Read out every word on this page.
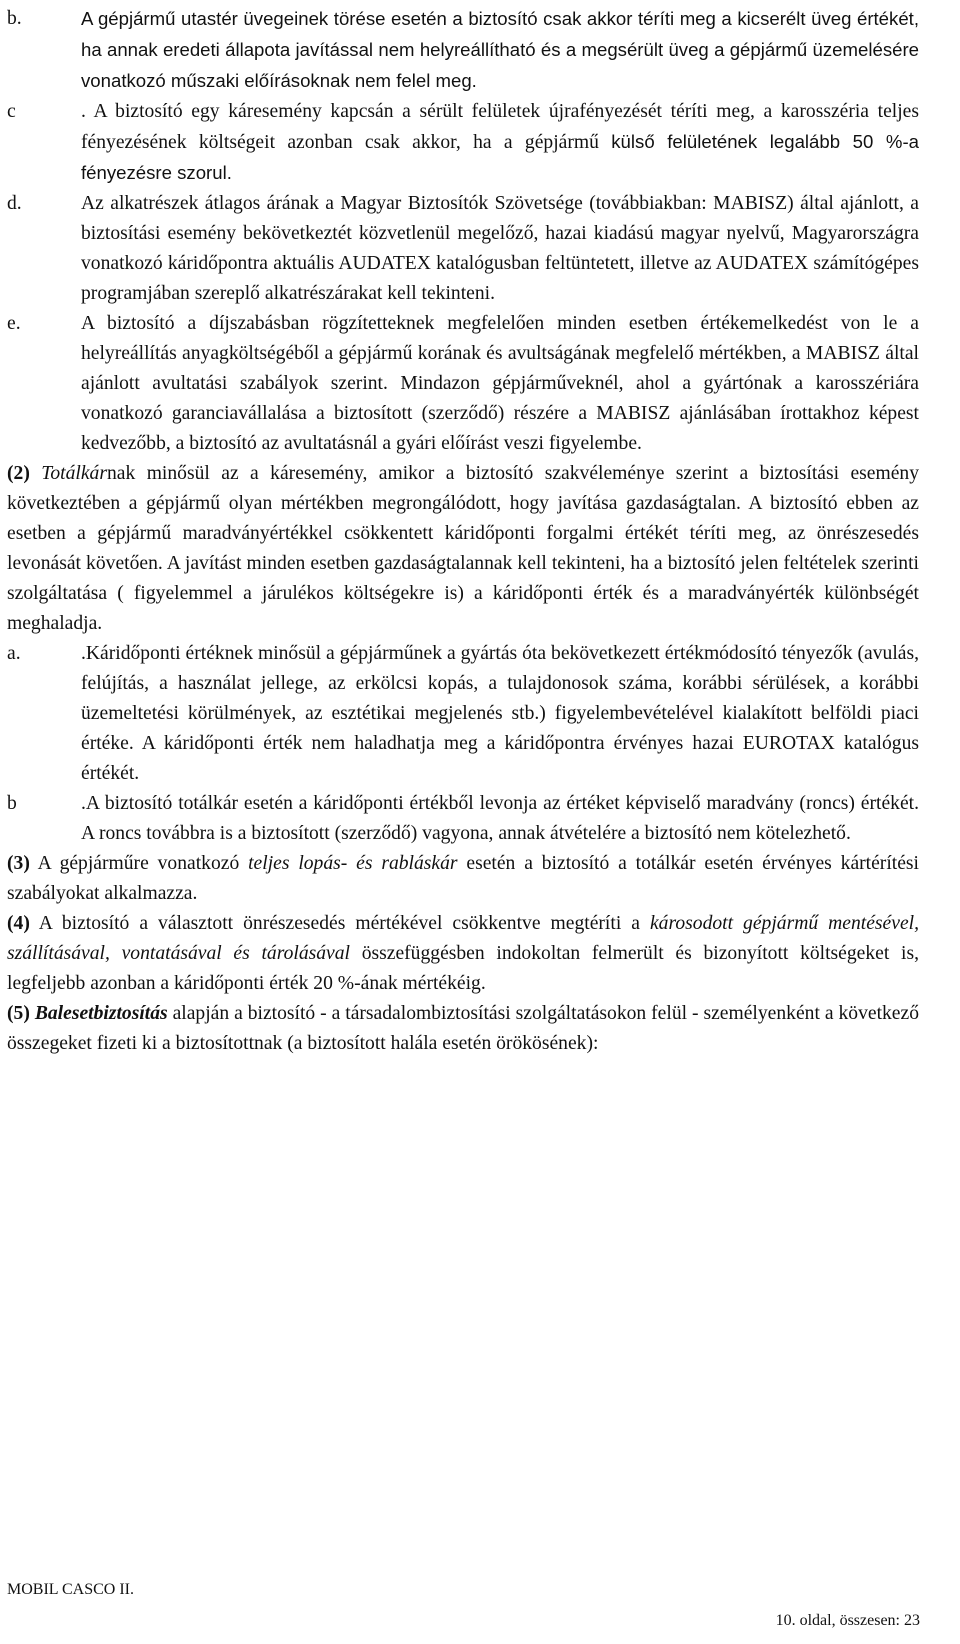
b.	A gépjármű utastér üvegeinek törése esetén a biztosító csak akkor téríti meg a kicserélt üveg értékét, ha annak eredeti állapota javítással nem helyreállítható és a megsérült üveg a gépjármű üzemelésére vonatkozó műszaki előírásoknak nem felel meg.

c	. A biztosító egy káresemény kapcsán a sérült felületek újrafényezését téríti meg, a karosszéria teljes fényezésének költségeit azonban csak akkor, ha a gépjármű külső felületének legalább 50 %-a fényezésre szorul.

d.	Az alkatrészek átlagos árának a Magyar Biztosítók Szövetsége (továbbiakban: MABISZ) által ajánlott, a biztosítási esemény bekövetkeztét közvetlenül megelőző, hazai kiadású magyar nyelvű, Magyarországra vonatkozó káridőpontra aktuális AUDATEX katalógusban feltüntetett, illetve az AUDATEX számítógépes programjában szereplő alkatrészárakat kell tekinteni.

e.	A biztosító a díjszabásban rögzítetteknek megfelelően minden esetben értékemelkedést von le a helyreállítás anyagköltségéből a gépjármű korának és avultságának megfelelő mértékben, a MABISZ által ajánlott avultatási szabályok szerint. Mindazon gépjárműveknél, ahol a gyártónak a karosszériára vonatkozó garanciavállalása a biztosított (szerződő) részére a MABISZ ajánlásában írottakhoz képest kedvezőbb, a biztosító az avultatásnál a gyári előírást veszi figyelembe.

(2) Totálkárnak minősül az a káresemény, amikor a biztosító szakvéleménye szerint a biztosítási esemény következtében a gépjármű olyan mértékben megrongálódott, hogy javítása gazdaságtalan. A biztosító ebben az esetben a gépjármű maradványértékkel csökkentett káridőponti forgalmi értékét téríti meg, az önrészesedés levonását követően. A javítást minden esetben gazdaságtalannak kell tekinteni, ha a biztosító jelen feltételek szerinti szolgáltatása ( figyelemmel a járulékos költségekre is) a káridőponti érték és a maradványérték különbségét meghaladja.

a.	.Káridőponti értéknek minősül a gépjárműnek a gyártás óta bekövetkezett értékmódosító tényezők (avulás, felújítás, a használat jellege, az erkölcsi kopás, a tulajdonosok száma, korábbi sérülések, a korábbi üzemeltetési körülmények, az esztétikai megjelenés stb.) figyelembevételével kialakított belföldi piaci értéke. A káridőponti érték nem haladhatja meg a káridőpontra érvényes hazai EUROTAX katalógus értékét.

b	.A biztosító totálkár esetén a káridőponti értékből levonja az értéket képviselő maradvány (roncs) értékét. A roncs továbbra is a biztosított (szerződő) vagyona, annak átvételére a biztosító nem kötelezhető.

(3) A gépjárműre vonatkozó teljes lopás- és rabláskár esetén a biztosító a totálkár esetén érvényes kártérítési szabályokat alkalmazza.

(4) A biztosító a választott önrészesedés mértékével csökkentve megtéríti a károsodott gépjármű mentésével, szállításával, vontatásával és tárolásával összefüggésben indokoltan felmerült és bizonyított költségeket is, legfeljebb azonban a káridőponti érték 20 %-ának mértékéig.

(5) Balesetbiztosítás alapján a biztosító - a társadalombiztosítási szolgáltatásokon felül - személyenként a következő összegeket fizeti ki a biztosítottnak (a biztosított halála esetén örökösének):

MOBIL CASCO II.
10. oldal, összesen: 23
